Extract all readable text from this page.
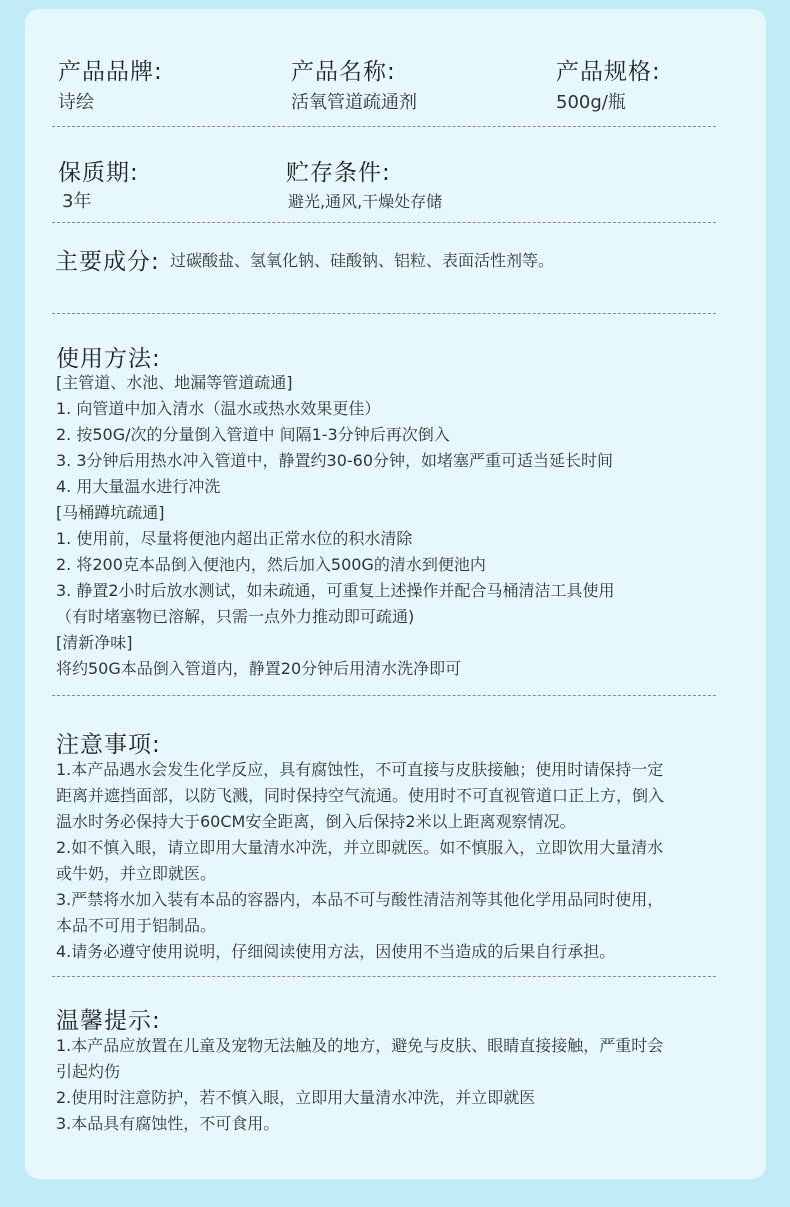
产品品牌:
诗绘
产品名称:
活氧管道疏通剂
产品规格:
500g/瓶
保质期:
3年
贮存条件:
避光,通风,干燥处存储
主要成分: 过碳酸盐、氢氧化钠、硅酸钠、铝粒、表面活性剂等。
使用方法:
[主管道、水池、地漏等管道疏通]
1. 向管道中加入清水（温水或热水效果更佳）
2. 按50G/次的分量倒入管道中 间隔1-3分钟后再次倒入
3. 3分钟后用热水冲入管道中，静置约30-60分钟，如堵塞严重可适当延长时间
4. 用大量温水进行冲洗
[马桶蹲坑疏通]
1. 使用前，尽量将便池内超出正常水位的积水清除
2. 将200克本品倒入便池内，然后加入500G的清水到便池内
3. 静置2小时后放水测试，如未疏通，可重复上述操作并配合马桶清洁工具使用
（有时堵塞物已溶解，只需一点外力推动即可疏通)
[清新净味]
将约50G本品倒入管道内，静置20分钟后用清水洗净即可
注意事项:
1.本产品遇水会发生化学反应，具有腐蚀性，不可直接与皮肤接触；使用时请保持一定
距离并遮挡面部，以防飞溅，同时保持空气流通。使用时不可直视管道口正上方，倒入
温水时务必保持大于60CM安全距离，倒入后保持2米以上距离观察情况。
2.如不慎入眼，请立即用大量清水冲洗，并立即就医。如不慎服入，立即饮用大量清水
或牛奶，并立即就医。
3.严禁将水加入装有本品的容器内，本品不可与酸性清洁剂等其他化学用品同时使用，
本品不可用于铝制品。
4.请务必遵守使用说明，仔细阅读使用方法，因使用不当造成的后果自行承担。
温馨提示:
1.本产品应放置在儿童及宠物无法触及的地方，避免与皮肤、眼睛直接接触，严重时会
引起灼伤
2.使用时注意防护，若不慎入眼，立即用大量清水冲洗，并立即就医
3.本品具有腐蚀性，不可食用。
